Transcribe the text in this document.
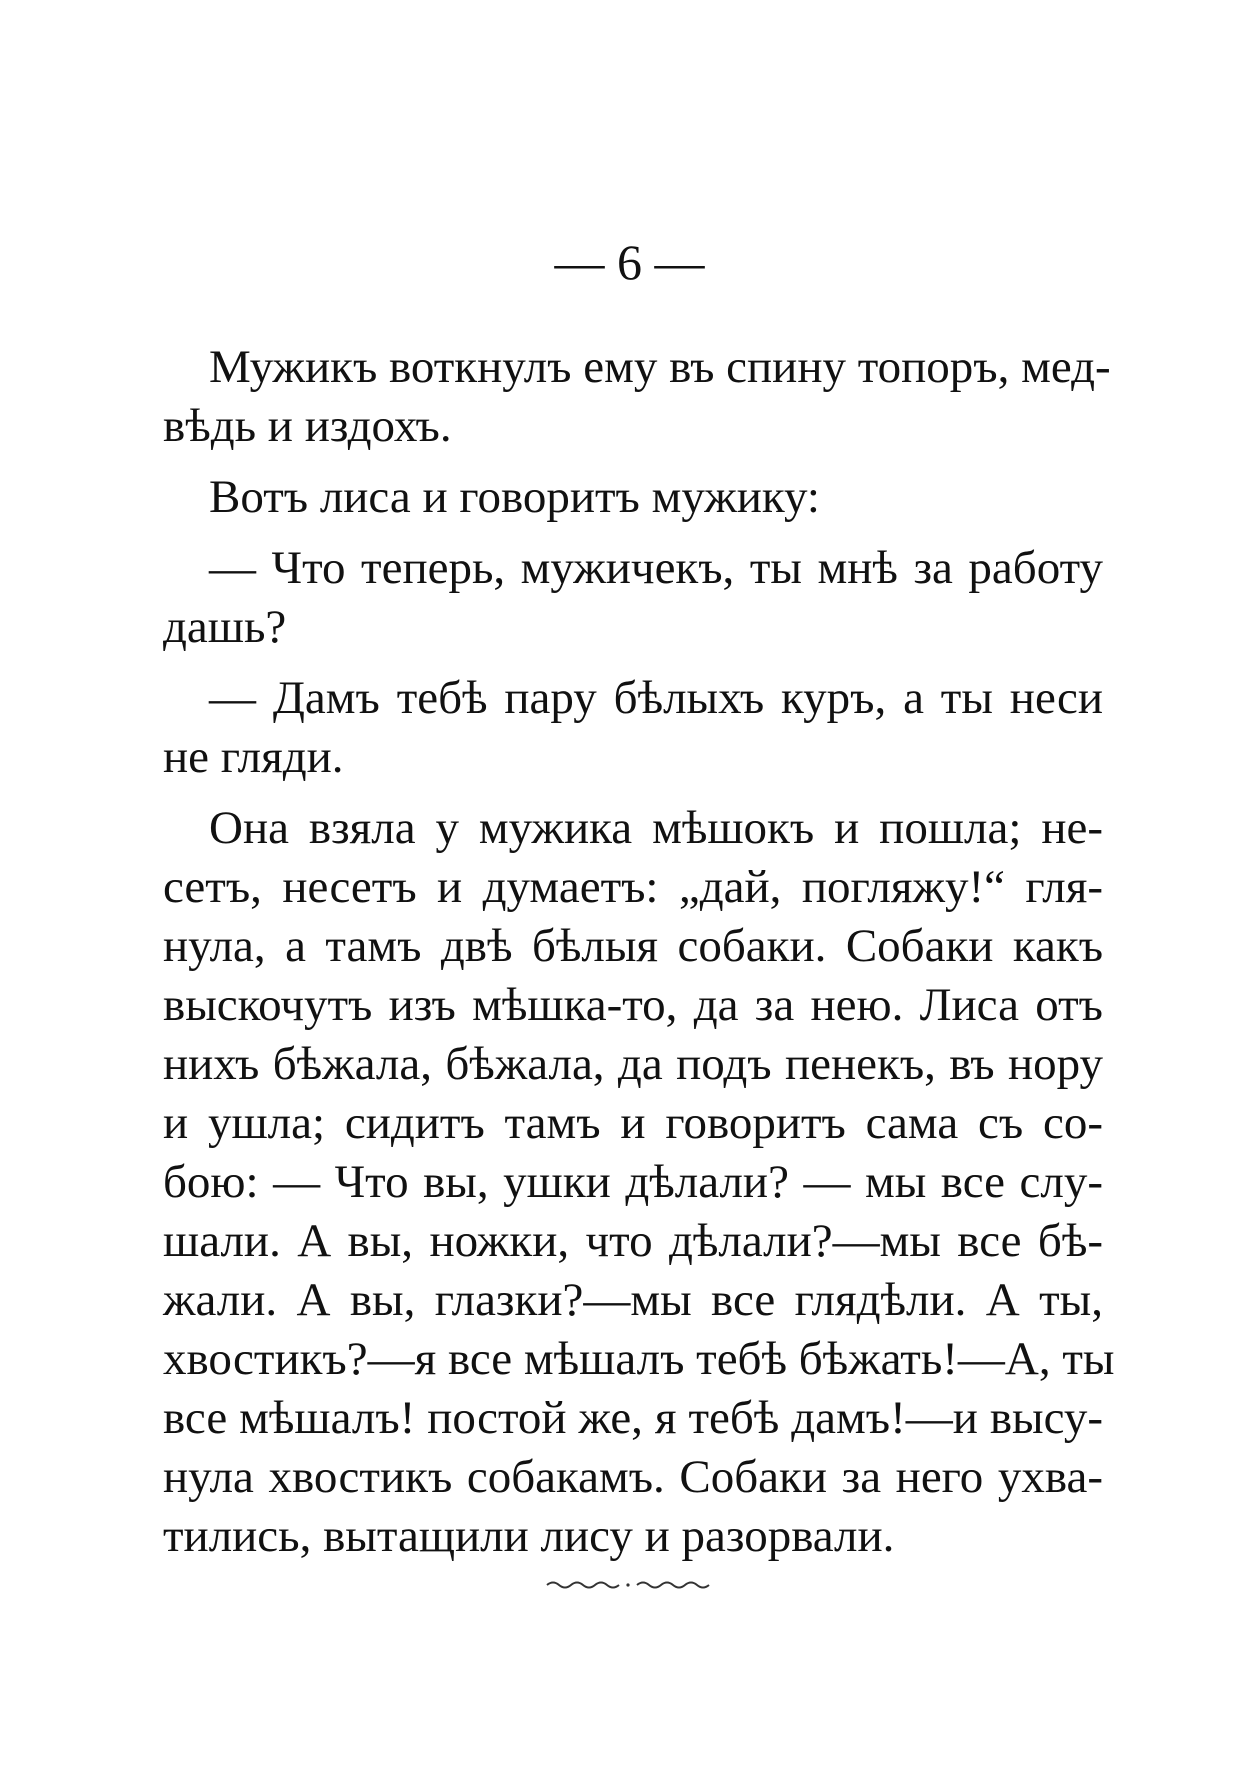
— 6 —
Мужикъ воткнулъ ему въ спину топоръ, мед-
вѣдь и издохъ.
Вотъ лиса и говоритъ мужику:
— Что теперь, мужичекъ, ты мнѣ за работу
дашь?
— Дамъ тебѣ пару бѣлыхъ куръ, а ты неси
не гляди.
Она взяла у мужика мѣшокъ и пошла; не-
сетъ, несетъ и думаетъ: „дай, погляжу!“ гля-
нула, а тамъ двѣ бѣлыя собаки. Собаки какъ
выскочутъ изъ мѣшка-то, да за нею. Лиса отъ
нихъ бѣжала, бѣжала, да подъ пенекъ, въ нору
и ушла; сидитъ тамъ и говоритъ сама съ со-
бою: — Что вы, ушки дѣлали? — мы все слу-
шали. А вы, ножки, что дѣлали?—мы все бѣ-
жали. А вы, глазки?—мы все глядѣли. А ты,
хвостикъ?—я все мѣшалъ тебѣ бѣжать!—А, ты
все мѣшалъ! постой же, я тебѣ дамъ!—и высу-
нула хвостикъ собакамъ. Собаки за него ухва-
тились, вытащили лису и разорвали.
